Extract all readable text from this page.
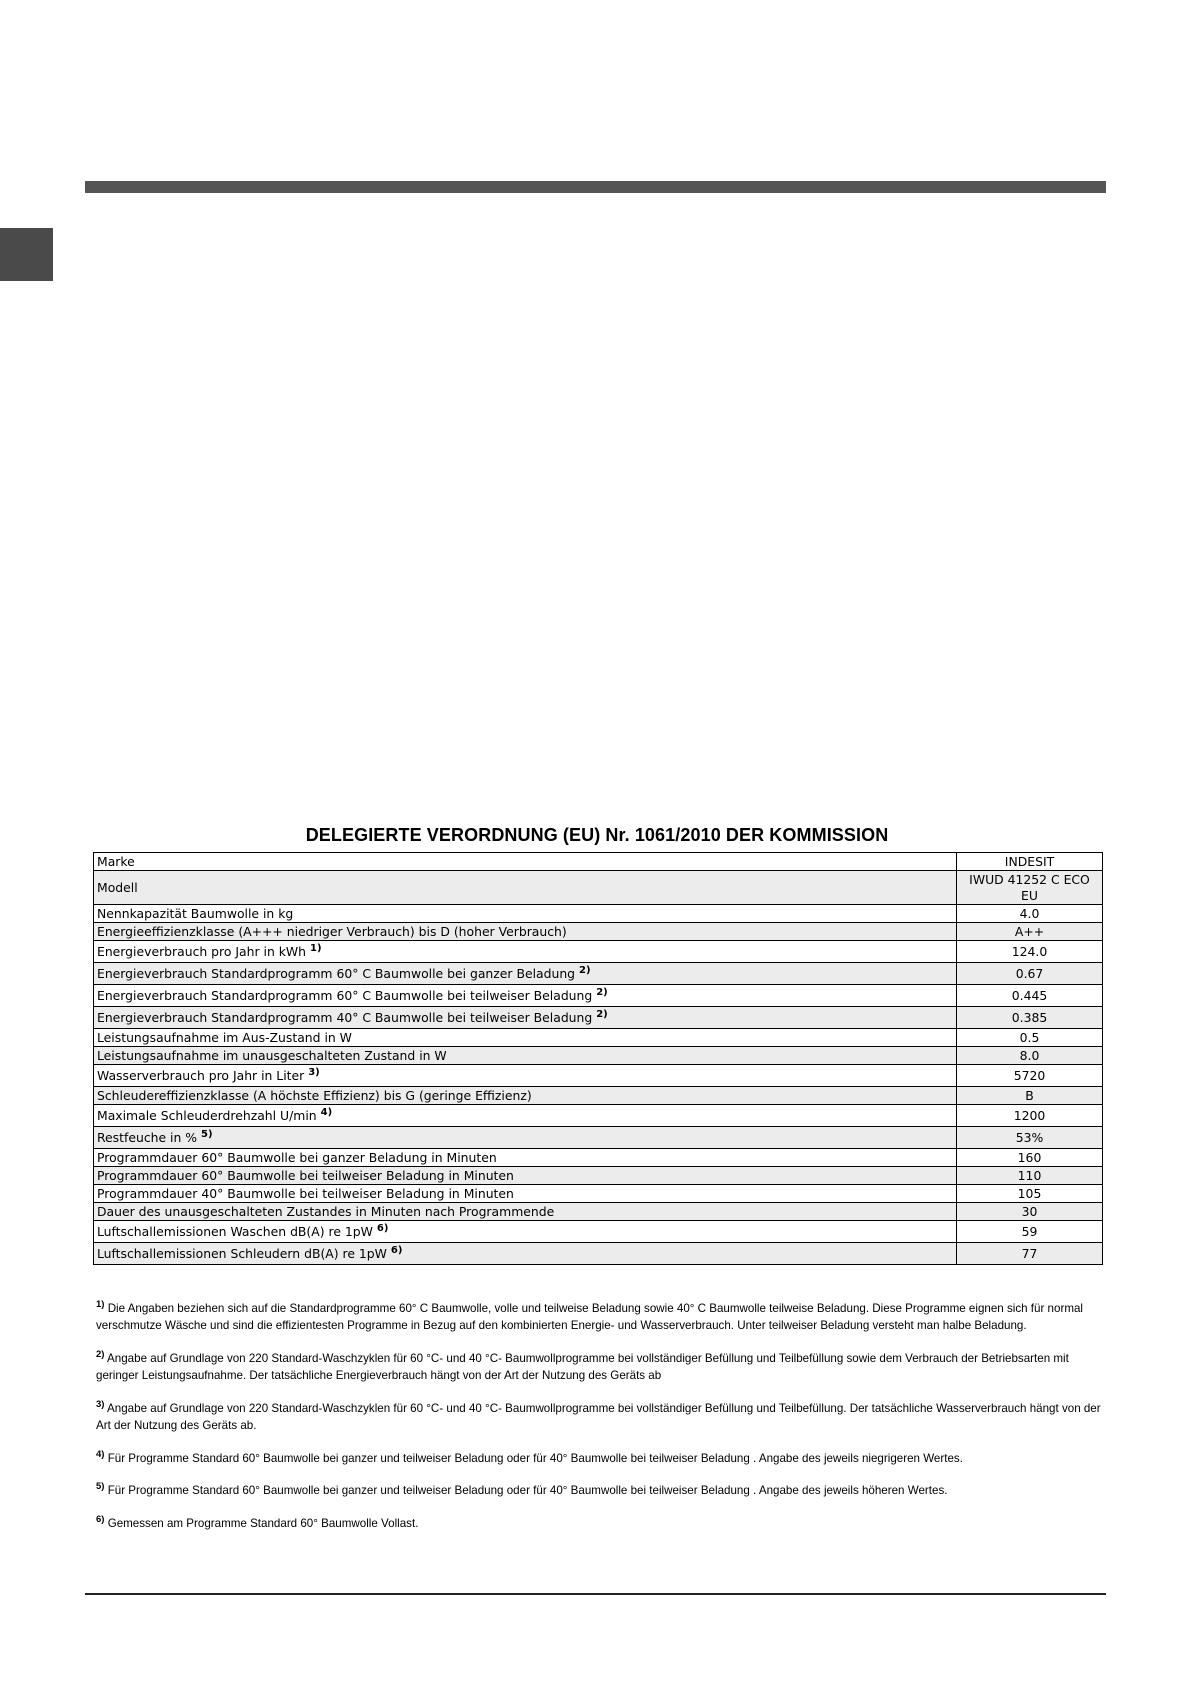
DELEGIERTE VERORDNUNG (EU) Nr. 1061/2010 DER KOMMISSION
Marke	INDESIT
Modell	IWUD 41252 C ECO EU
Nennkapazität Baumwolle in kg	4.0
Energieeffizienzklasse (A+++ niedriger Verbrauch) bis D (hoher Verbrauch)	A++
Energieverbrauch pro Jahr in kWh $^{1)}$	124.0
Energieverbrauch Standardprogramm 60° C Baumwolle bei ganzer Beladung $^{2)}$	0.67
Energieverbrauch Standardprogramm 60° C Baumwolle bei teilweiser Beladung $^{2)}$	0.445
Energieverbrauch Standardprogramm 40° C Baumwolle bei teilweiser Beladung $^{2)}$	0.385
Leistungsaufnahme im Aus-Zustand in W	0.5
Leistungsaufnahme im unausgeschalteten Zustand in W	8.0
Wasserverbrauch pro Jahr in Liter $^{3)}$	5720
Schleudereffizienzklasse (A höchste Effizienz) bis G (geringe Effizienz)	B
Maximale Schleuderdrehzahl U/min $^{4)}$	1200
Restfeuche in % $^{5)}$	53%
Programmdauer 60° Baumwolle bei ganzer Beladung in Minuten	160
Programmdauer 60° Baumwolle bei teilweiser Beladung in Minuten	110
Programmdauer 40° Baumwolle bei teilweiser Beladung in Minuten	105
Dauer des unausgeschalteten Zustandes in Minuten nach Programmende	30
Luftschallemissionen Waschen dB(A) re 1pW $^{6)}$	59
Luftschallemissionen Schleudern dB(A) re 1pW $^{6)}$	77
$^{1)}$ Die Angaben beziehen sich auf die Standardprogramme 60° C Baumwolle, volle und teilweise Beladung sowie 40° C Baumwolle teilweise Beladung. Diese Programme eignen sich für normal verschmutze Wäsche und sind die effizientesten Programme in Bezug auf den kombinierten Energie- und Wasserverbrauch. Unter teilweiser Beladung versteht man halbe Beladung.
$^{2)}$ Angabe auf Grundlage von 220 Standard-Waschzyklen für 60 °C- und 40 °C- Baumwollprogramme bei vollständiger Befüllung und Teilbefüllung sowie dem Verbrauch der Betriebsarten mit geringer Leistungsaufnahme. Der tatsächliche Energieverbrauch hängt von der Art der Nutzung des Geräts ab
$^{3)}$ Angabe auf Grundlage von 220 Standard-Waschzyklen für 60 °C- und 40 °C- Baumwollprogramme bei vollständiger Befüllung und Teilbefüllung. Der tatsächliche Wasserverbrauch hängt von der Art der Nutzung des Geräts ab.
$^{4)}$ Für Programme Standard 60° Baumwolle bei ganzer und teilweiser Beladung oder für 40° Baumwolle bei teilweiser Beladung . Angabe des jeweils niegrigeren Wertes.
$^{5)}$ Für Programme Standard 60° Baumwolle bei ganzer und teilweiser Beladung oder für 40° Baumwolle bei teilweiser Beladung . Angabe des jeweils höheren Wertes.
$^{6)}$ Gemessen am Programme Standard 60° Baumwolle Vollast.
